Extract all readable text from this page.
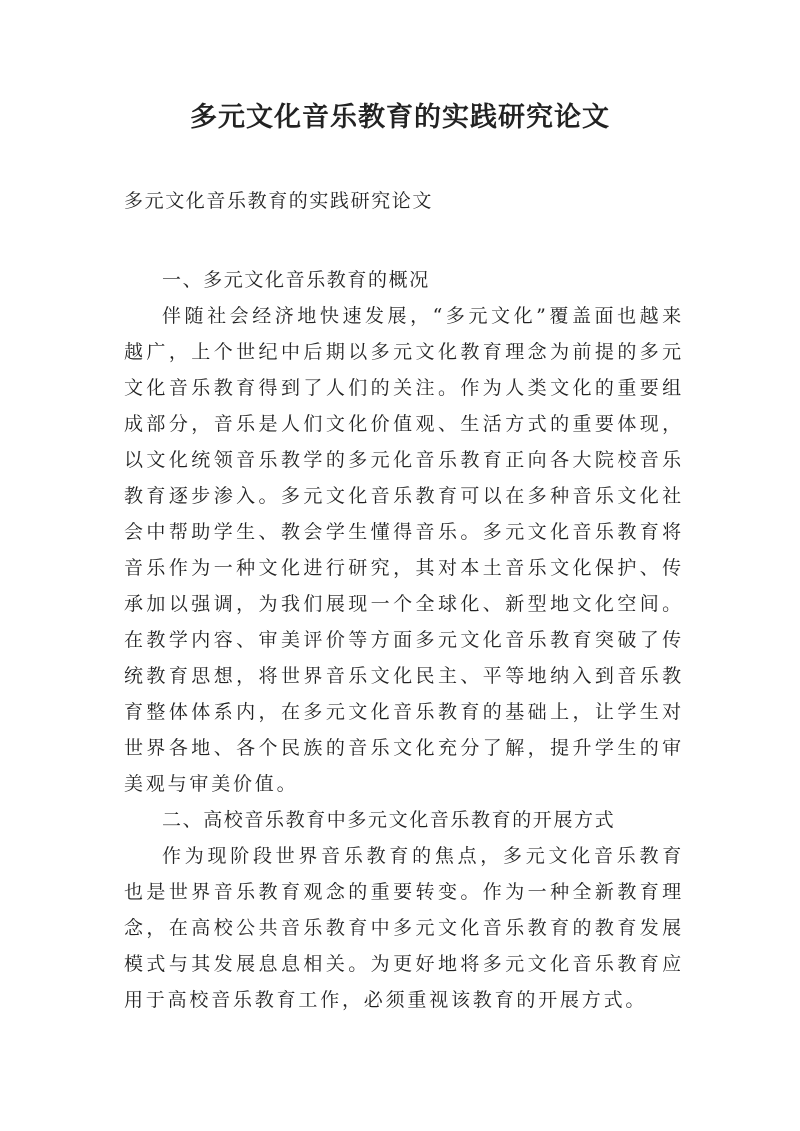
多元文化音乐教育的实践研究论文

多元文化音乐教育的实践研究论文

一、多元文化音乐教育的概况

伴随社会经济地快速发展，“多元文化”覆盖面也越来越广，上个世纪中后期以多元文化教育理念为前提的多元文化音乐教育得到了人们的关注。作为人类文化的重要组成部分，音乐是人们文化价值观、生活方式的重要体现，以文化统领音乐教学的多元化音乐教育正向各大院校音乐教育逐步渗入。多元文化音乐教育可以在多种音乐文化社会中帮助学生、教会学生懂得音乐。多元文化音乐教育将音乐作为一种文化进行研究，其对本土音乐文化保护、传承加以强调，为我们展现一个全球化、新型地文化空间。在教学内容、审美评价等方面多元文化音乐教育突破了传统教育思想，将世界音乐文化民主、平等地纳入到音乐教育整体体系内，在多元文化音乐教育的基础上，让学生对世界各地、各个民族的音乐文化充分了解，提升学生的审美观与审美价值。

二、高校音乐教育中多元文化音乐教育的开展方式

作为现阶段世界音乐教育的焦点，多元文化音乐教育也是世界音乐教育观念的重要转变。作为一种全新教育理念，在高校公共音乐教育中多元文化音乐教育的教育发展模式与其发展息息相关。为更好地将多元文化音乐教育应用于高校音乐教育工作，必须重视该教育的开展方式。
